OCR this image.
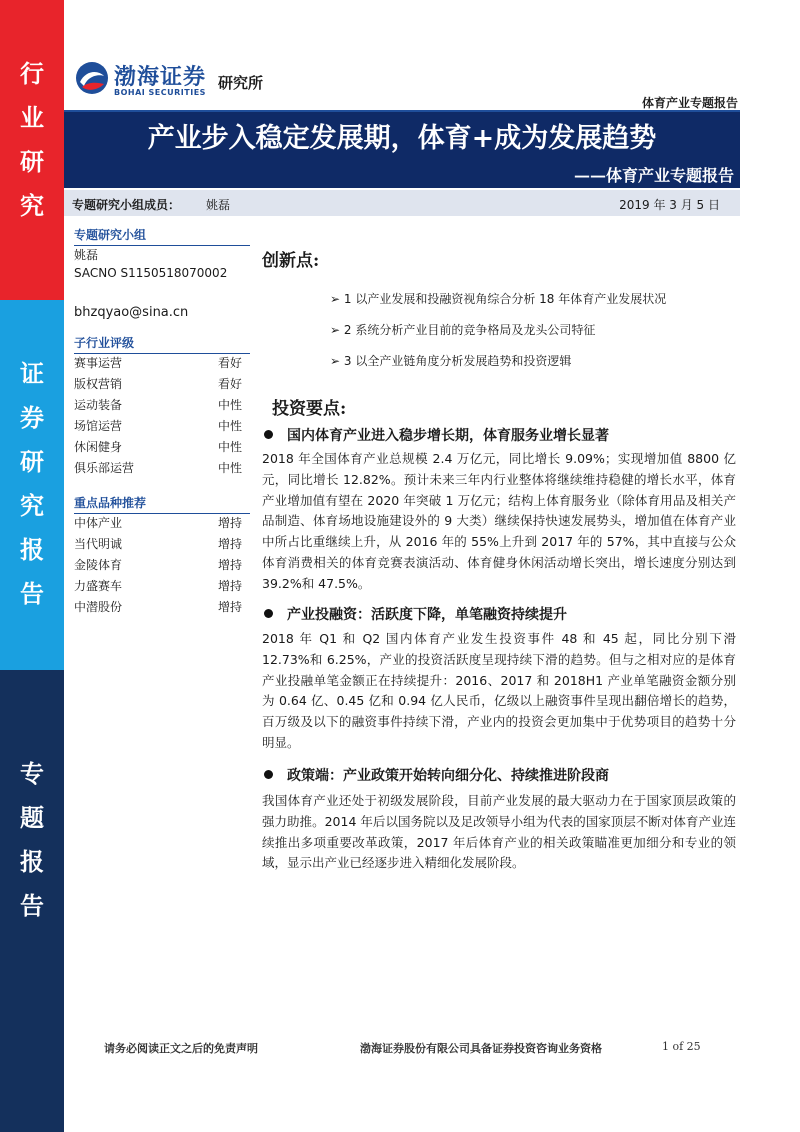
行
业
研
究
证
券
研
究
报
告
专
题
报
告
渤海证券
BOHAI SECURITIES
研究所
体育产业专题报告
产业步入稳定发展期，体育+成为发展趋势
——体育产业专题报告
专题研究小组成员： 姚磊	2019 年 3 月 5 日
专题研究小组
姚磊
SACNO S1150518070002
bhzqyao@sina.cn
子行业评级
赛事运营	看好
版权营销	看好
运动装备	中性
场馆运营	中性
休闲健身	中性
俱乐部运营	中性
重点品种推荐
中体产业	增持
当代明诚	增持
金陵体育	增持
力盛赛车	增持
中潜股份	增持
创新点:
➢ 1 以产业发展和投融资视角综合分析 18 年体育产业发展状况
➢ 2 系统分析产业目前的竞争格局及龙头公司特征
➢ 3 以全产业链角度分析发展趋势和投资逻辑
投资要点:
国内体育产业进入稳步增长期，体育服务业增长显著
2018 年全国体育产业总规模 2.4 万亿元，同比增长 9.09%；实现增加值 8800 亿元，同比增长 12.82%。预计未来三年内行业整体将继续维持稳健的增长水平，体育产业增加值有望在 2020 年突破 1 万亿元；结构上体育服务业（除体育用品及相关产品制造、体育场地设施建设外的 9 大类）继续保持快速发展势头，增加值在体育产业中所占比重继续上升，从 2016 年的 55%上升到 2017 年的 57%，其中直接与公众体育消费相关的体育竞赛表演活动、体育健身休闲活动增长突出，增长速度分别达到 39.2%和 47.5%。
产业投融资：活跃度下降，单笔融资持续提升
2018 年 Q1 和 Q2 国内体育产业发生投资事件 48 和 45 起，同比分别下滑 12.73%和 6.25%，产业的投资活跃度呈现持续下滑的趋势。但与之相对应的是体育产业投融单笔金额正在持续提升：2016、2017 和 2018H1 产业单笔融资金额分别为 0.64 亿、0.45 亿和 0.94 亿人民币，亿级以上融资事件呈现出翻倍增长的趋势，百万级及以下的融资事件持续下滑，产业内的投资会更加集中于优势项目的趋势十分明显。
政策端：产业政策开始转向细分化、持续推进阶段商
我国体育产业还处于初级发展阶段，目前产业发展的最大驱动力在于国家顶层政策的强力助推。2014 年后以国务院以及足改领导小组为代表的国家顶层不断对体育产业连续推出多项重要改革政策，2017 年后体育产业的相关政策瞄准更加细分和专业的领域，显示出产业已经逐步进入精细化发展阶段。
请务必阅读正文之后的免责声明	渤海证券股份有限公司具备证券投资咨询业务资格	1 of 25
